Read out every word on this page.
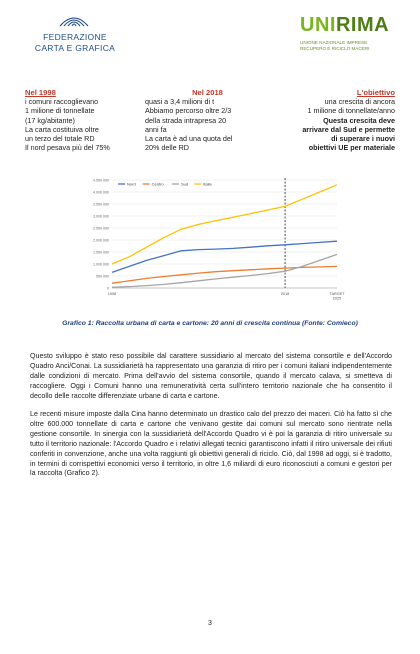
FEDERAZIONE
CARTA E GRAFICA
UNIRIMA
UNIONE NAZIONALE IMPRESE
RECUPERO E RICICLO MACERI
Nel 1998
i comuni raccoglievano
1 milione di tonnellate
(17 kg/abitante)
La carta costituiva oltre
un terzo del totale RD
Il nord pesava più del 75%
Nel 2018
quasi a 3,4 milioni di t
Abbiamo percorso oltre 2/3
della strada intrapresa 20
anni fa
La carta è ad una quota del
20% delle RD
L'obiettivo
una crescita di ancora
1 milione di tonnellate/anno
Questa crescita deve
arrivare dal Sud e permette
di superare i nuovi
obiettivi UE per materiale
0
500.000
1.000.000
1.500.000
2.000.000
2.500.000
3.000.000
3.500.000
4.000.000
4.500.000
1998	2018	TARGET
2025
Nord	Centro	Sud	Italia
Grafico 1: Raccolta urbana di carta e cartone: 20 anni di crescita continua (Fonte: Comieco)
Questo sviluppo è stato reso possibile dal carattere sussidiario al mercato del sistema consortile e dell'Accordo Quadro Anci/Conai. La sussidiarietà ha rappresentato una garanzia di ritiro per i comuni italiani indipendentemente dalle condizioni di mercato. Prima dell'avvio del sistema consortile, quando il mercato calava, si smetteva di raccogliere. Oggi i Comuni hanno una remuneratività certa sull'intero territorio nazionale che ha consentito il decollo delle raccolte differenziate urbane di carta e cartone.
Le recenti misure imposte dalla Cina hanno determinato un drastico calo del prezzo dei maceri. Ciò ha fatto sì che oltre 600.000 tonnellate di carta e cartone che venivano gestite dai comuni sul mercato sono rientrate nella gestione consortile. In sinergia con la sussidiarietà dell'Accordo Quadro vi è poi la garanzia di ritiro universale su tutto il territorio nazionale: l'Accordo Quadro e i relativi allegati tecnici garantiscono infatti il ritiro universale dei rifiuti conferiti in convenzione, anche una volta raggiunti gli obiettivi generali di riciclo. Ciò, dal 1998 ad oggi, si è tradotto, in termini di corrispettivi economici verso il territorio, in oltre 1,6 miliardi di euro riconosciuti a comuni e gestori per la raccolta (Grafico 2).
3
